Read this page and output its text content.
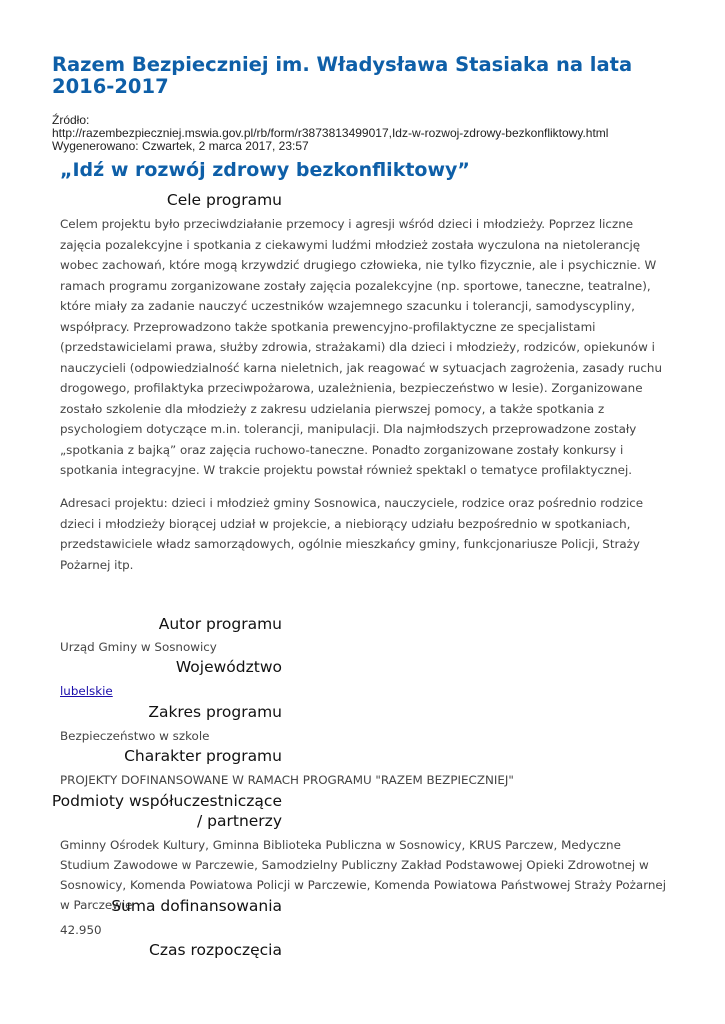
Razem Bezpieczniej im. Władysława Stasiaka na lata 2016-2017
Źródło:
http://razembezpieczniej.mswia.gov.pl/rb/form/r3873813499017,Idz-w-rozwoj-zdrowy-bezkonfliktowy.html
Wygenerowano: Czwartek, 2 marca 2017, 23:57
„Idź w rozwój zdrowy bezkonfliktowy”
Cele programu

Celem projektu było przeciwdziałanie przemocy i agresji wśród dzieci i młodzieży. Poprzez liczne zajęcia pozalekcyjne i spotkania z ciekawymi ludźmi młodzież została wyczulona na nietolerancję wobec zachowań, które mogą krzywdzić drugiego człowieka, nie tylko fizycznie, ale i psychicznie. W ramach programu zorganizowane zostały zajęcia pozalekcyjne (np. sportowe, taneczne, teatralne), które miały za zadanie nauczyć uczestników wzajemnego szacunku i tolerancji, samodyscypliny, współpracy. Przeprowadzono także spotkania prewencyjno-profilaktyczne ze specjalistami (przedstawicielami prawa, służby zdrowia, strażakami) dla dzieci i młodzieży, rodziców, opiekunów i nauczycieli (odpowiedzialność karna nieletnich, jak reagować w sytuacjach zagrożenia, zasady ruchu drogowego, profilaktyka przeciwpożarowa, uzależnienia, bezpieczeństwo w lesie). Zorganizowane zostało szkolenie dla młodzieży z zakresu udzielania pierwszej pomocy, a także spotkania z psychologiem dotyczące m.in. tolerancji, manipulacji. Dla najmłodszych przeprowadzone zostały „spotkania z bajką” oraz zajęcia ruchowo-taneczne. Ponadto zorganizowane zostały konkursy i spotkania integracyjne. W trakcie projektu powstał również spektakl o tematyce profilaktycznej.

Adresaci projektu: dzieci i młodzież gminy Sosnowica, nauczyciele, rodzice oraz pośrednio rodzice dzieci i młodzieży biorącej udział w projekcie, a niebiorący udziału bezpośrednio w spotkaniach, przedstawiciele władz samorządowych, ogólnie mieszkańcy gminy, funkcjonariusze Policji, Straży Pożarnej itp.

Autor programu

Urząd Gminy w Sosnowicy

Województwo

lubelskie

Zakres programu

Bezpieczeństwo w szkole

Charakter programu

PROJEKTY DOFINANSOWANE W RAMACH PROGRAMU "RAZEM BEZPIECZNIEJ"

Podmioty współuczestniczące
/ partnerzy

Gminny Ośrodek Kultury, Gminna Biblioteka Publiczna w Sosnowicy, KRUS Parczew, Medyczne Studium Zawodowe w Parczewie, Samodzielny Publiczny Zakład Podstawowej Opieki Zdrowotnej w Sosnowicy, Komenda Powiatowa Policji w Parczewie, Komenda Powiatowa Państwowej Straży Pożarnej w Parczewie

Suma dofinansowania

42.950

Czas rozpoczęcia
